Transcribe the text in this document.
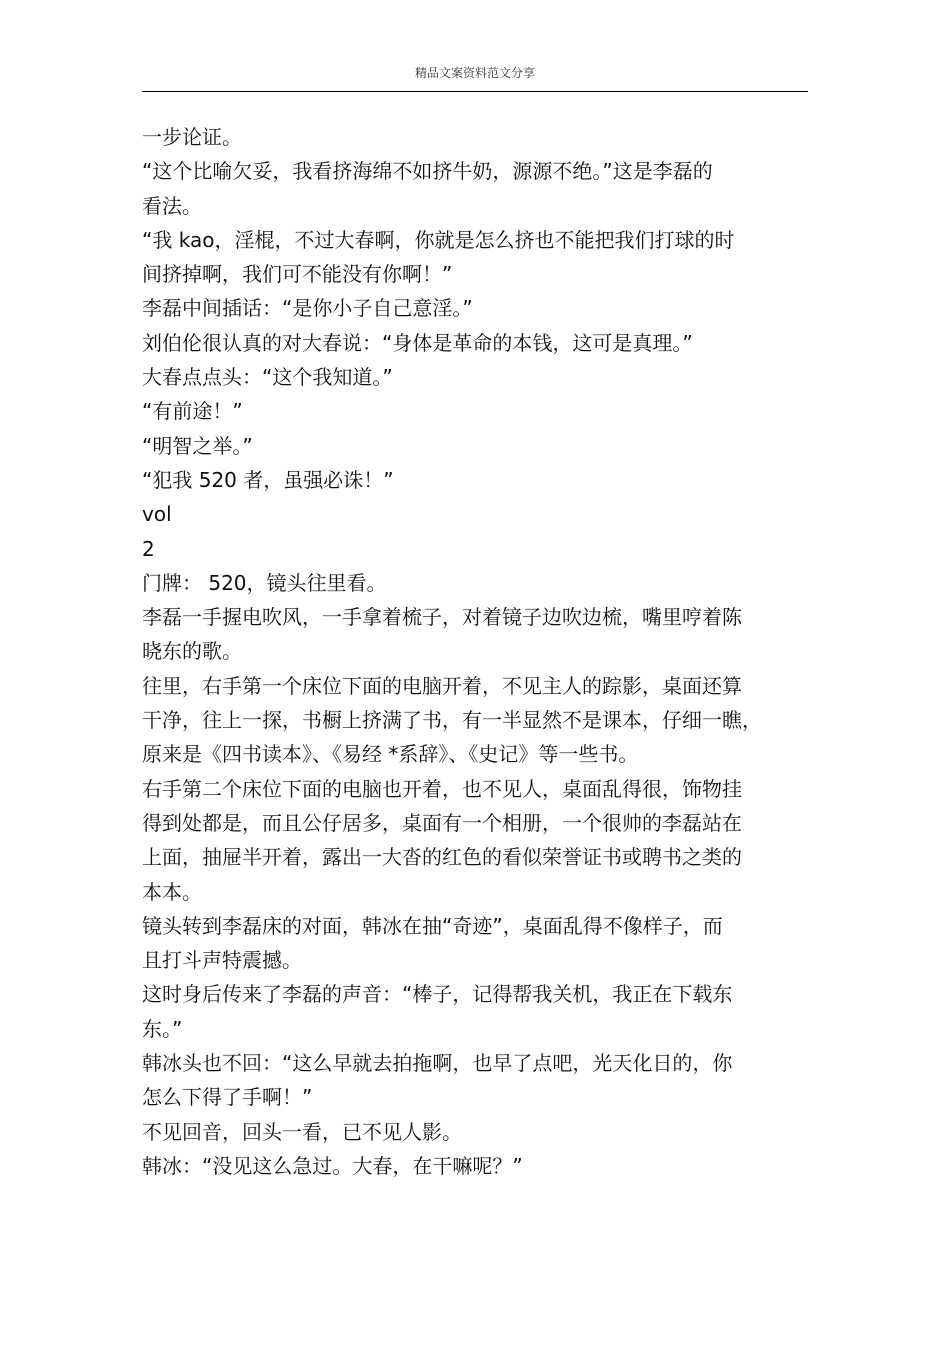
精品文案资料范文分享
一步论证。
“这个比喻欠妥，我看挤海绵不如挤牛奶，源源不绝。”这是李磊的
看法。
“我 kao，淫棍，不过大春啊，你就是怎么挤也不能把我们打球的时
间挤掉啊，我们可不能没有你啊！”
李磊中间插话：“是你小子自己意淫。”
刘伯伦很认真的对大春说：“身体是革命的本钱，这可是真理。”
大春点点头：“这个我知道。”
“有前途！”
“明智之举。”
“犯我 520 者，虽强必诛！”
vol
2
门牌： 520，镜头往里看。
李磊一手握电吹风，一手拿着梳子，对着镜子边吹边梳，嘴里哼着陈
晓东的歌。
往里，右手第一个床位下面的电脑开着，不见主人的踪影，桌面还算
干净，往上一探，书橱上挤满了书，有一半显然不是课本，仔细一瞧，
原来是《四书读本》、《易经 *系辞》、《史记》等一些书。
右手第二个床位下面的电脑也开着，也不见人，桌面乱得很，饰物挂
得到处都是，而且公仔居多，桌面有一个相册，一个很帅的李磊站在
上面，抽屉半开着，露出一大沓的红色的看似荣誉证书或聘书之类的
本本。
镜头转到李磊床的对面，韩冰在抽“奇迹”，桌面乱得不像样子，而
且打斗声特震撼。
这时身后传来了李磊的声音：“棒子，记得帮我关机，我正在下载东
东。”
韩冰头也不回：“这么早就去拍拖啊，也早了点吧，光天化日的，你
怎么下得了手啊！”
不见回音，回头一看，已不见人影。
韩冰：“没见这么急过。大春，在干嘛呢？”
